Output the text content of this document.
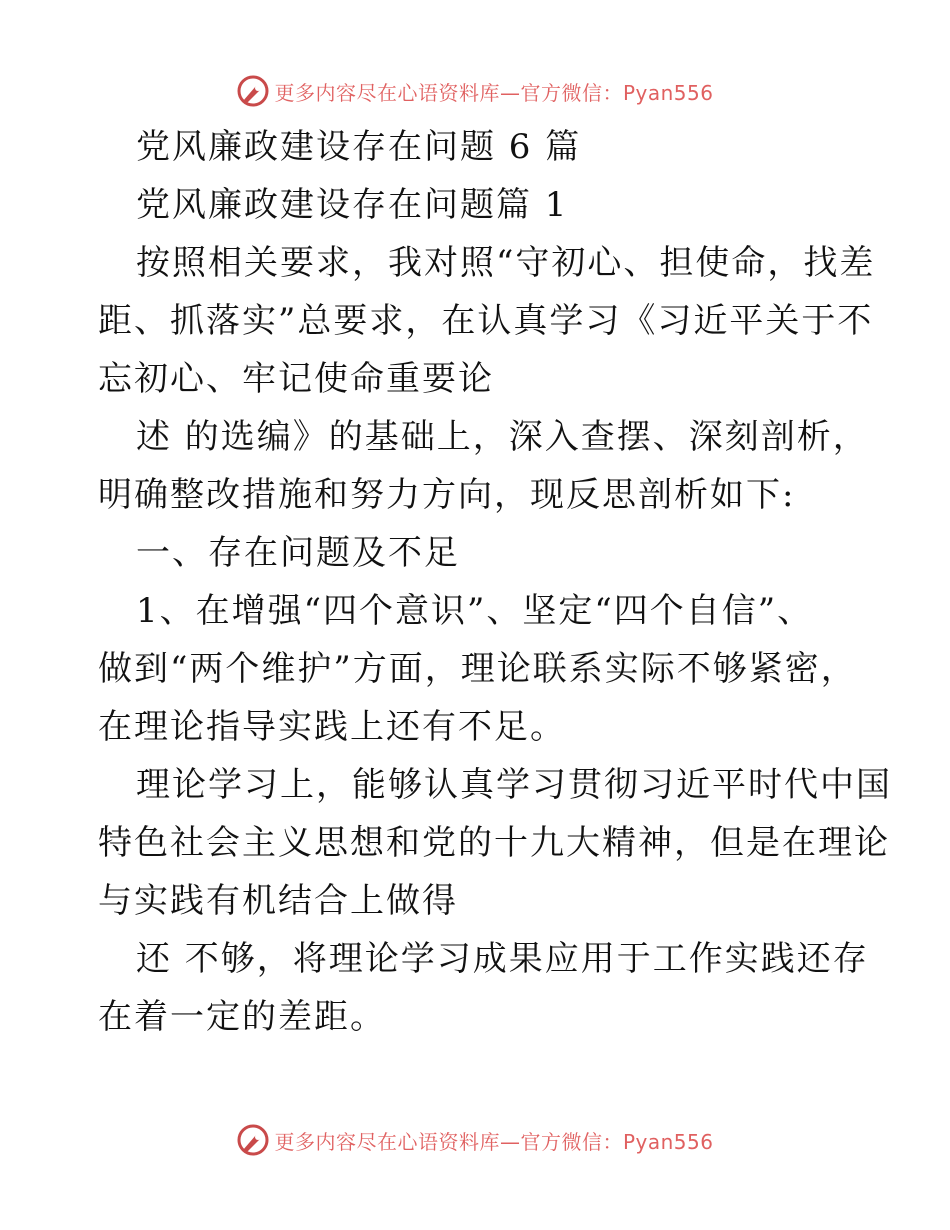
更多内容尽在心语资料库—官方微信：Pyan556
党风廉政建设存在问题 6 篇
党风廉政建设存在问题篇 1
按照相关要求，我对照“守初心、担使命，找差
距、抓落实”总要求，在认真学习《习近平关于不
忘初心、牢记使命重要论
述 的选编》的基础上，深入查摆、深刻剖析，
明确整改措施和努力方向，现反思剖析如下:
一、存在问题及不足
1、在增强“四个意识”、坚定“四个自信”、
做到“两个维护”方面，理论联系实际不够紧密，
在理论指导实践上还有不足。
理论学习上，能够认真学习贯彻习近平时代中国
特色社会主义思想和党的十九大精神，但是在理论
与实践有机结合上做得
还 不够，将理论学习成果应用于工作实践还存
在着一定的差距。
更多内容尽在心语资料库—官方微信：Pyan556
